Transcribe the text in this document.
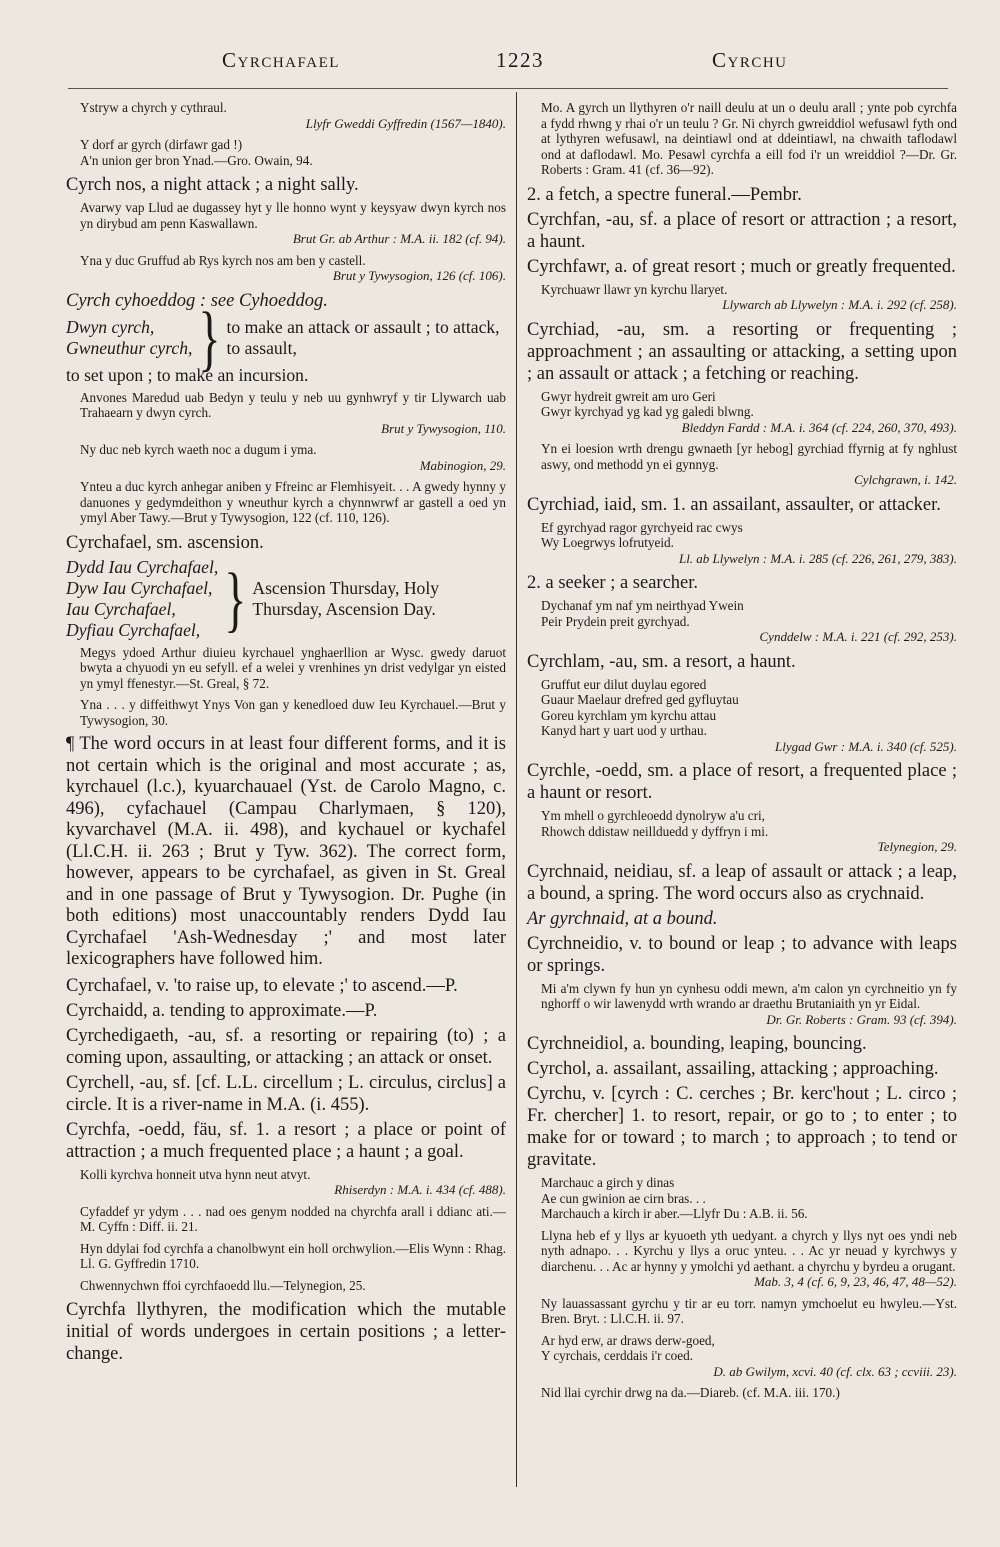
Cyrchafael	1223	Cyrchu
Ystryw a chyrch y cythraul.
Llyfr Gweddi Gyffredin (1567—1840).
Y dorf ar gyrch (dirfawr gad !)
A'n union ger bron Ynad.—Gro. Owain, 94.
Cyrch nos, a night attack ; a night sally.
Avarwy vap Llud ae dugassey hyt y lle honno wynt y keysyaw dwyn kyrch nos yn dirybud am penn Kaswallawn.
Brut Gr. ab Arthur : M.A. ii. 182 (cf. 94).
Yna y duc Gruffud ab Rys kyrch nos am ben y castell.
Brut y Tywysogion, 126 (cf. 106).
Cyrch cyhoeddog : see Cyhoeddog.
Dwyn cyrch,
Gwneuthur cyrch, } to make an attack or assault ; to attack, to assault,
to set upon ; to make an incursion.
Anvones Maredud uab Bedyn y teulu y neb uu gynhwryf y tir Llywarch uab Trahaearn y dwyn cyrch.
Brut y Tywysogion, 110.
Ny duc neb kyrch waeth noc a dugum i yma.
Mabinogion, 29.
Ynteu a duc kyrch anhegar aniben y Ffreinc ar Flemhisyeit. . . A gwedy hynny y danuones y gedymdeithon y wneuthur kyrch a chynnwrwf ar gastell a oed yn ymyl Aber Tawy.—Brut y Tywysogion, 122 (cf. 110, 126).
Cyrchafael, sm. ascension.
Dydd Iau Cyrchafael,
Dyw Iau Cyrchafael,
Iau Cyrchafael,
Dyfiau Cyrchafael, } Ascension Thursday, Holy Thursday, Ascension Day.
Megys ydoed Arthur diuieu kyrchauel ynghaerllion ar Wysc. gwedy daruot bwyta a chyuodi yn eu sefyll. ef a welei y vrenhines yn drist vedylgar yn eisted yn ymyl ffenestyr.—St. Greal, § 72.
Yna . . . y diffeithwyt Ynys Von gan y kenedloed duw Ieu Kyrchauel.—Brut y Tywysogion, 30.
¶ The word occurs in at least four different forms, and it is not certain which is the original and most accurate ; as, kyrchauel (l.c.), kyuarchauael (Yst. de Carolo Magno, c. 496), cyfachauel (Campau Charlymaen, § 120), kyvarchavel (M.A. ii. 498), and kychauel or kychafel (Ll.C.H. ii. 263 ; Brut y Tyw. 362). The correct form, however, appears to be cyrchafael, as given in St. Greal and in one passage of Brut y Tywysogion. Dr. Pughe (in both editions) most unaccountably renders Dydd Iau Cyrchafael 'Ash-Wednesday ;' and most later lexicographers have followed him.
Cyrchafael, v. 'to raise up, to elevate ;' to ascend.—P.
Cyrchaidd, a. tending to approximate.—P.
Cyrchedigaeth, -au, sf. a resorting or repairing (to) ; a coming upon, assaulting, or attacking ; an attack or onset.
Cyrchell, -au, sf. [cf. L.L. circellum ; L. circulus, circlus] a circle. It is a river-name in M.A. (i. 455).
Cyrchfa, -oedd, fäu, sf. 1. a resort ; a place or point of attraction ; a much frequented place ; a haunt ; a goal.
Kolli kyrchva honneit utva hynn neut atvyt.
Rhiserdyn : M.A. i. 434 (cf. 488).
Cyfaddef yr ydym . . . nad oes genym nodded na chyrchfa arall i ddianc ati.—M. Cyffn : Diff. ii. 21.
Hyn ddylai fod cyrchfa a chanolbwynt ein holl orchwylion.—Elis Wynn : Rhag. Ll. G. Gyffredin 1710.
Chwennychwn ffoi cyrchfaoedd llu.—Telynegion, 25.
Cyrchfa llythyren, the modification which the mutable initial of words undergoes in certain positions ; a letter-change.
Mo. A gyrch un llythyren o'r naill deulu at un o deulu arall ; ynte pob cyrchfa a fydd rhwng y rhai o'r un teulu ? Gr. Ni chyrch gwreiddiol wefusawl fyth ond at lythyren wefusawl, na deintiawl ond at ddeintiawl, na chwaith taflodawl ond at daflodawl. Mo. Pesawl cyrchfa a eill fod i'r un wreiddiol ?—Dr. Gr. Roberts : Gram. 41 (cf. 36—92).
2. a fetch, a spectre funeral.—Pembr.
Cyrchfan, -au, sf. a place of resort or attraction ; a resort, a haunt.
Cyrchfawr, a. of great resort ; much or greatly frequented.
Kyrchuawr llawr yn kyrchu llaryet.
Llywarch ab Llywelyn : M.A. i. 292 (cf. 258).
Cyrchiad, -au, sm. a resorting or frequenting ; approachment ; an assaulting or attacking, a setting upon ; an assault or attack ; a fetching or reaching.
Gwyr hydreit gwreit am uro Geri
Gwyr kyrchyad yg kad yg galedi blwng.
Bleddyn Fardd : M.A. i. 364 (cf. 224, 260, 370, 493).
Yn ei loesion wrth drengu gwnaeth [yr hebog] gyrchiad ffyrnig at fy nghlust aswy, ond methodd yn ei gynnyg.
Cylchgrawn, i. 142.
Cyrchiad, iaid, sm. 1. an assailant, assaulter, or attacker.
Ef gyrchyad ragor gyrchyeid rac cwys
Wy Loegrwys lofrutyeid.
Ll. ab Llywelyn : M.A. i. 285 (cf. 226, 261, 279, 383).
2. a seeker ; a searcher.
Dychanaf ym naf ym neirthyad Ywein
Peir Prydein preit gyrchyad.
Cynddelw : M.A. i. 221 (cf. 292, 253).
Cyrchlam, -au, sm. a resort, a haunt.
Gruffut eur dilut duylau egored
Guaur Maelaur drefred ged gyfluytau
Goreu kyrchlam ym kyrchu attau
Kanyd hart y uart uod y urthau.
Llygad Gwr : M.A. i. 340 (cf. 525).
Cyrchle, -oedd, sm. a place of resort, a frequented place ; a haunt or resort.
Ym mhell o gyrchleoedd dynolryw a'u cri,
Rhowch ddistaw neillduedd y dyffryn i mi.
Telynegion, 29.
Cyrchnaid, neidiau, sf. a leap of assault or attack ; a leap, a bound, a spring. The word occurs also as crychnaid.
Ar gyrchnaid, at a bound.
Cyrchneidio, v. to bound or leap ; to advance with leaps or springs.
Mi a'm clywn fy hun yn cynhesu oddi mewn, a'm calon yn cyrchneitio yn fy nghorff o wir lawenydd wrth wrando ar draethu Brutaniaith yn yr Eidal.
Dr. Gr. Roberts : Gram. 93 (cf. 394).
Cyrchneidiol, a. bounding, leaping, bouncing.
Cyrchol, a. assailant, assailing, attacking ; approaching.
Cyrchu, v. [cyrch : C. cerches ; Br. kerc'hout ; L. circo ; Fr. chercher] 1. to resort, repair, or go to ; to enter ; to make for or toward ; to march ; to approach ; to tend or gravitate.
Marchauc a girch y dinas
Ae cun gwinion ae cirn bras. . .
Marchauch a kirch ir aber.—Llyfr Du : A.B. ii. 56.
Llyna heb ef y llys ar kyuoeth yth uedyant. a chyrch y llys nyt oes yndi neb nyth adnapo. . . Kyrchu y llys a oruc ynteu. . . Ac yr neuad y kyrchwys y diarchenu. . . Ac ar hynny y ymolchi yd aethant. a chyrchu y byrdeu a orugant.
Mab. 3, 4 (cf. 6, 9, 23, 46, 47, 48—52).
Ny lauassassant gyrchu y tir ar eu torr. namyn ymchoelut eu hwyleu.—Yst. Bren. Bryt. : Ll.C.H. ii. 97.
Ar hyd erw, ar draws derw-goed,
Y cyrchais, cerddais i'r coed.
D. ab Gwilym, xcvi. 40 (cf. clx. 63 ; ccviii. 23).
Nid llai cyrchir drwg na da.—Diareb. (cf. M.A. iii. 170.)
